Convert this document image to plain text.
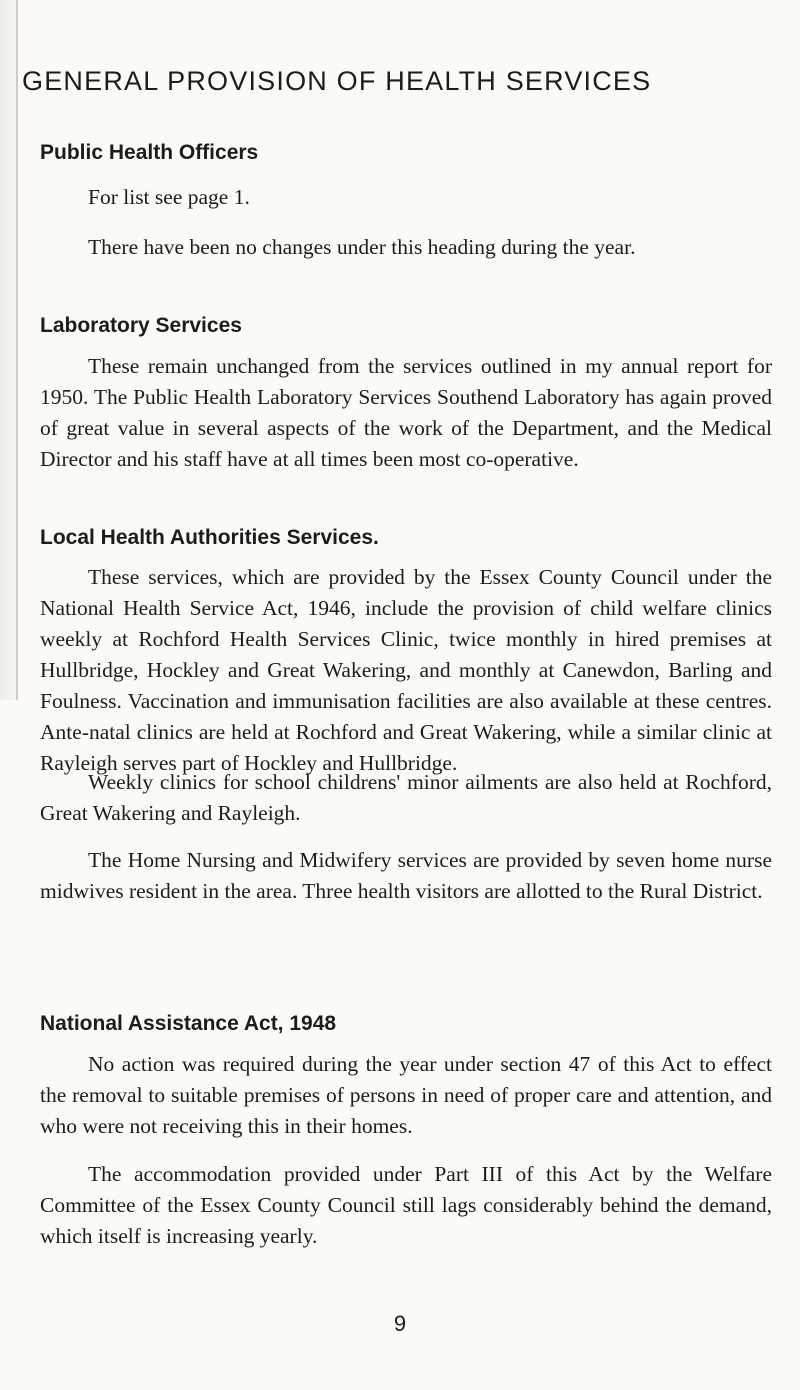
GENERAL PROVISION OF HEALTH SERVICES
Public Health Officers

For list see page 1.

There have been no changes under this heading during the year.

Laboratory Services

These remain unchanged from the services outlined in my annual report for 1950. The Public Health Laboratory Services Southend Laboratory has again proved of great value in several aspects of the work of the Department, and the Medical Director and his staff have at all times been most co-operative.

Local Health Authorities Services.

These services, which are provided by the Essex County Council under the National Health Service Act, 1946, include the provision of child welfare clinics weekly at Rochford Health Services Clinic, twice monthly in hired premises at Hullbridge, Hockley and Great Wakering, and monthly at Canewdon, Barling and Foulness. Vaccination and immunisation facilities are also available at these centres. Ante-natal clinics are held at Rochford and Great Wakering, while a similar clinic at Rayleigh serves part of Hockley and Hullbridge.

Weekly clinics for school childrens' minor ailments are also held at Rochford, Great Wakering and Rayleigh.

The Home Nursing and Midwifery services are provided by seven home nurse midwives resident in the area. Three health visitors are allotted to the Rural District.

National Assistance Act, 1948

No action was required during the year under section 47 of this Act to effect the removal to suitable premises of persons in need of proper care and attention, and who were not receiving this in their homes.

The accommodation provided under Part III of this Act by the Welfare Committee of the Essex County Council still lags considerably behind the demand, which itself is increasing yearly.

9
